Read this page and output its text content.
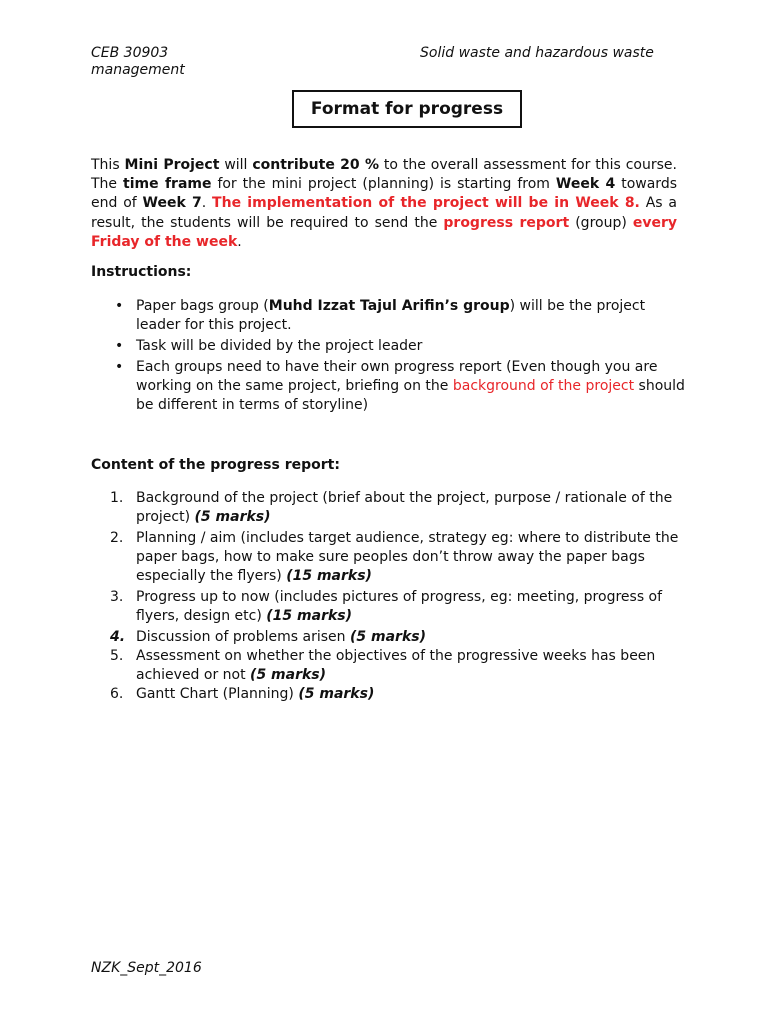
CEB 30903	Solid waste and hazardous waste
management
Format for progress
This Mini Project will contribute 20 % to the overall assessment for this course. The time frame for the mini project (planning) is starting from Week 4 towards end of Week 7. The implementation of the project will be in Week 8. As a result, the students will be required to send the progress report (group) every Friday of the week.
Instructions:
• Paper bags group (Muhd Izzat Tajul Arifin’s group) will be the project
leader for this project.
• Task will be divided by the project leader
• Each groups need to have their own progress report (Even though you are
working on the same project, briefing on the background of the project should
be different in terms of storyline)
Content of the progress report:
1. Background of the project (brief about the project, purpose / rationale of the
project) (5 marks)
2. Planning / aim (includes target audience, strategy eg: where to distribute the
paper bags, how to make sure peoples don’t throw away the paper bags
especially the flyers) (15 marks)
3. Progress up to now (includes pictures of progress, eg: meeting, progress of
flyers, design etc) (15 marks)
4. Discussion of problems arisen (5 marks)
5. Assessment on whether the objectives of the progressive weeks has been
achieved or not (5 marks)
6. Gantt Chart (Planning) (5 marks)
NZK_Sept_2016
